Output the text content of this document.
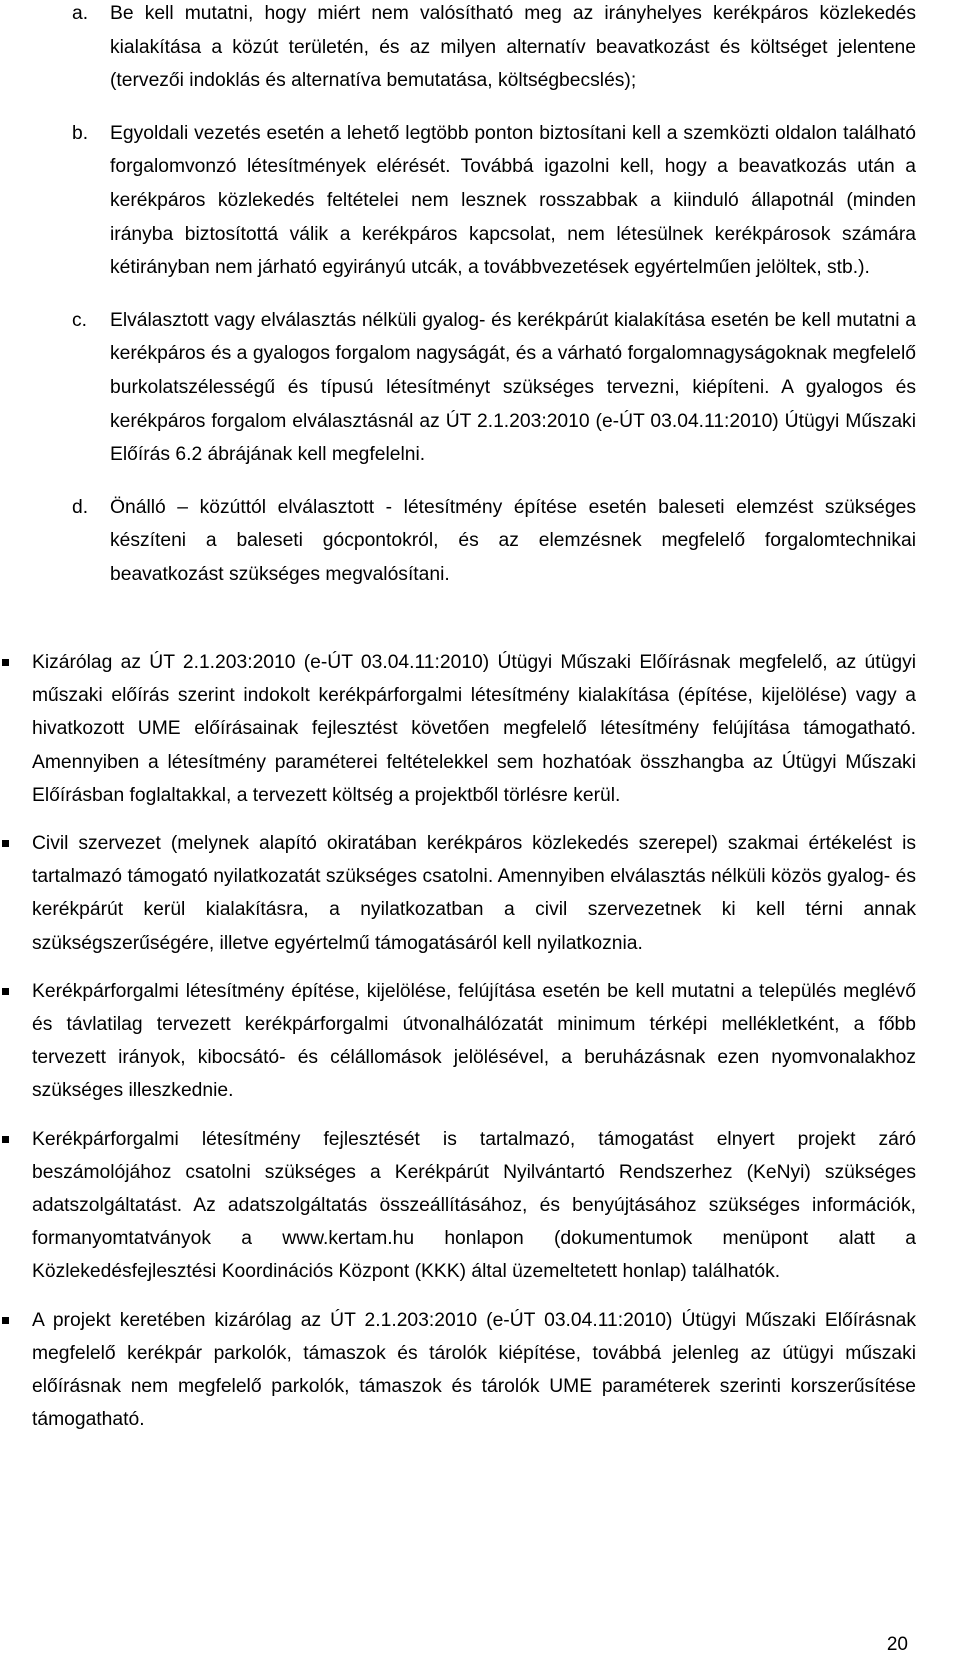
a.	Be kell mutatni, hogy miért nem valósítható meg az irányhelyes kerékpáros közlekedés kialakítása a közút területén, és az milyen alternatív beavatkozást és költséget jelentene (tervezői indoklás és alternatíva bemutatása, költségbecslés);
b.	Egyoldali vezetés esetén a lehető legtöbb ponton biztosítani kell a szemközti oldalon található forgalomvonzó létesítmények elérését. Továbbá igazolni kell, hogy a beavatkozás után a kerékpáros közlekedés feltételei nem lesznek rosszabbak a kiinduló állapotnál (minden irányba biztosítottá válik a kerékpáros kapcsolat, nem létesülnek kerékpárosok számára kétirányban nem járható egyirányú utcák, a továbbvezetések egyértelműen jelöltek, stb.).
c.	Elválasztott vagy elválasztás nélküli gyalog- és kerékpárút kialakítása esetén be kell mutatni a kerékpáros és a gyalogos forgalom nagyságát, és a várható forgalomnagyságoknak megfelelő burkolatszélességű és típusú létesítményt szükséges tervezni, kiépíteni. A gyalogos és kerékpáros forgalom elválasztásnál az ÚT 2.1.203:2010 (e-ÚT 03.04.11:2010) Útügyi Műszaki Előírás 6.2 ábrájának kell megfelelni.
d.	Önálló – közúttól elválasztott - létesítmény építése esetén baleseti elemzést szükséges készíteni a baleseti gócpontokról, és az elemzésnek megfelelő forgalomtechnikai beavatkozást szükséges megvalósítani.
Kizárólag az ÚT 2.1.203:2010 (e-ÚT 03.04.11:2010) Útügyi Műszaki Előírásnak megfelelő, az útügyi műszaki előírás szerint indokolt kerékpárforgalmi létesítmény kialakítása (építése, kijelölése) vagy a hivatkozott UME előírásainak fejlesztést követően megfelelő létesítmény felújítása támogatható. Amennyiben a létesítmény paraméterei feltételekkel sem hozhatóak összhangba az Útügyi Műszaki Előírásban foglaltakkal, a tervezett költség a projektből törlésre kerül.
Civil szervezet (melynek alapító okiratában kerékpáros közlekedés szerepel) szakmai értékelést is tartalmazó támogató nyilatkozatát szükséges csatolni. Amennyiben elválasztás nélküli közös gyalog- és kerékpárút kerül kialakításra, a nyilatkozatban a civil szervezetnek ki kell térni annak szükségszerűségére, illetve egyértelmű támogatásáról kell nyilatkoznia.
Kerékpárforgalmi létesítmény építése, kijelölése, felújítása esetén be kell mutatni a település meglévő és távlatilag tervezett kerékpárforgalmi útvonalhálózatát minimum térképi mellékletként, a főbb tervezett irányok, kibocsátó- és célállomások jelölésével, a beruházásnak ezen nyomvonalakhoz szükséges illeszkednie.
Kerékpárforgalmi létesítmény fejlesztését is tartalmazó, támogatást elnyert projekt záró beszámolójához csatolni szükséges a Kerékpárút Nyilvántartó Rendszerhez (KeNyi) szükséges adatszolgáltatást. Az adatszolgáltatás összeállításához, és benyújtásához szükséges információk, formanyomtatványok a www.kertam.hu honlapon (dokumentumok menüpont alatt a Közlekedésfejlesztési Koordinációs Központ (KKK) által üzemeltetett honlap) találhatók.
A projekt keretében kizárólag az ÚT 2.1.203:2010 (e-ÚT 03.04.11:2010) Útügyi Műszaki Előírásnak megfelelő kerékpár parkolók, támaszok és tárolók kiépítése, továbbá jelenleg az útügyi műszaki előírásnak nem megfelelő parkolók, támaszok és tárolók UME paraméterek szerinti korszerűsítése támogatható.
20
